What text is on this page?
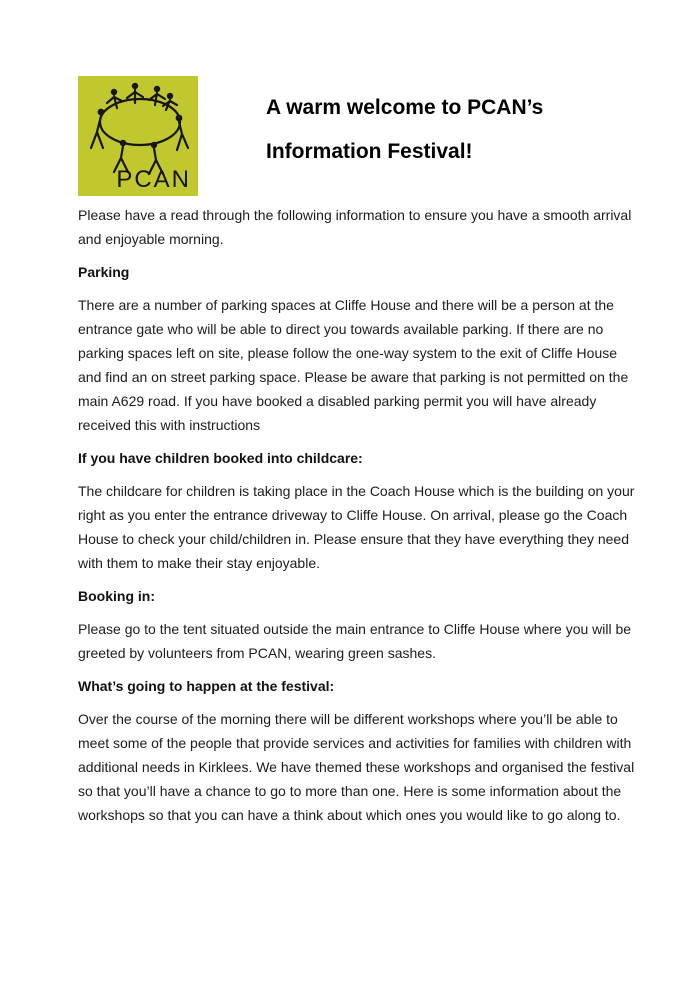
PCAN
A warm welcome to PCAN’s
Information Festival!

Please have a read through the following information to ensure you have a smooth arrival and enjoyable morning.

Parking

There are a number of parking spaces at Cliffe House and there will be a person at the entrance gate who will be able to direct you towards available parking. If there are no parking spaces left on site, please follow the one-way system to the exit of Cliffe House and find an on street parking space. Please be aware that parking is not permitted on the main A629 road. If you have booked a disabled parking permit you will have already received this with instructions

If you have children booked into childcare:

The childcare for children is taking place in the Coach House which is the building on your right as you enter the entrance driveway to Cliffe House. On arrival, please go the Coach House to check your child/children in. Please ensure that they have everything they need with them to make their stay enjoyable.

Booking in:

Please go to the tent situated outside the main entrance to Cliffe House where you will be greeted by volunteers from PCAN, wearing green sashes.

What’s going to happen at the festival:

Over the course of the morning there will be different workshops where you’ll be able to meet some of the people that provide services and activities for families with children with additional needs in Kirklees. We have themed these workshops and organised the festival so that you’ll have a chance to go to more than one. Here is some information about the workshops so that you can have a think about which ones you would like to go along to.
